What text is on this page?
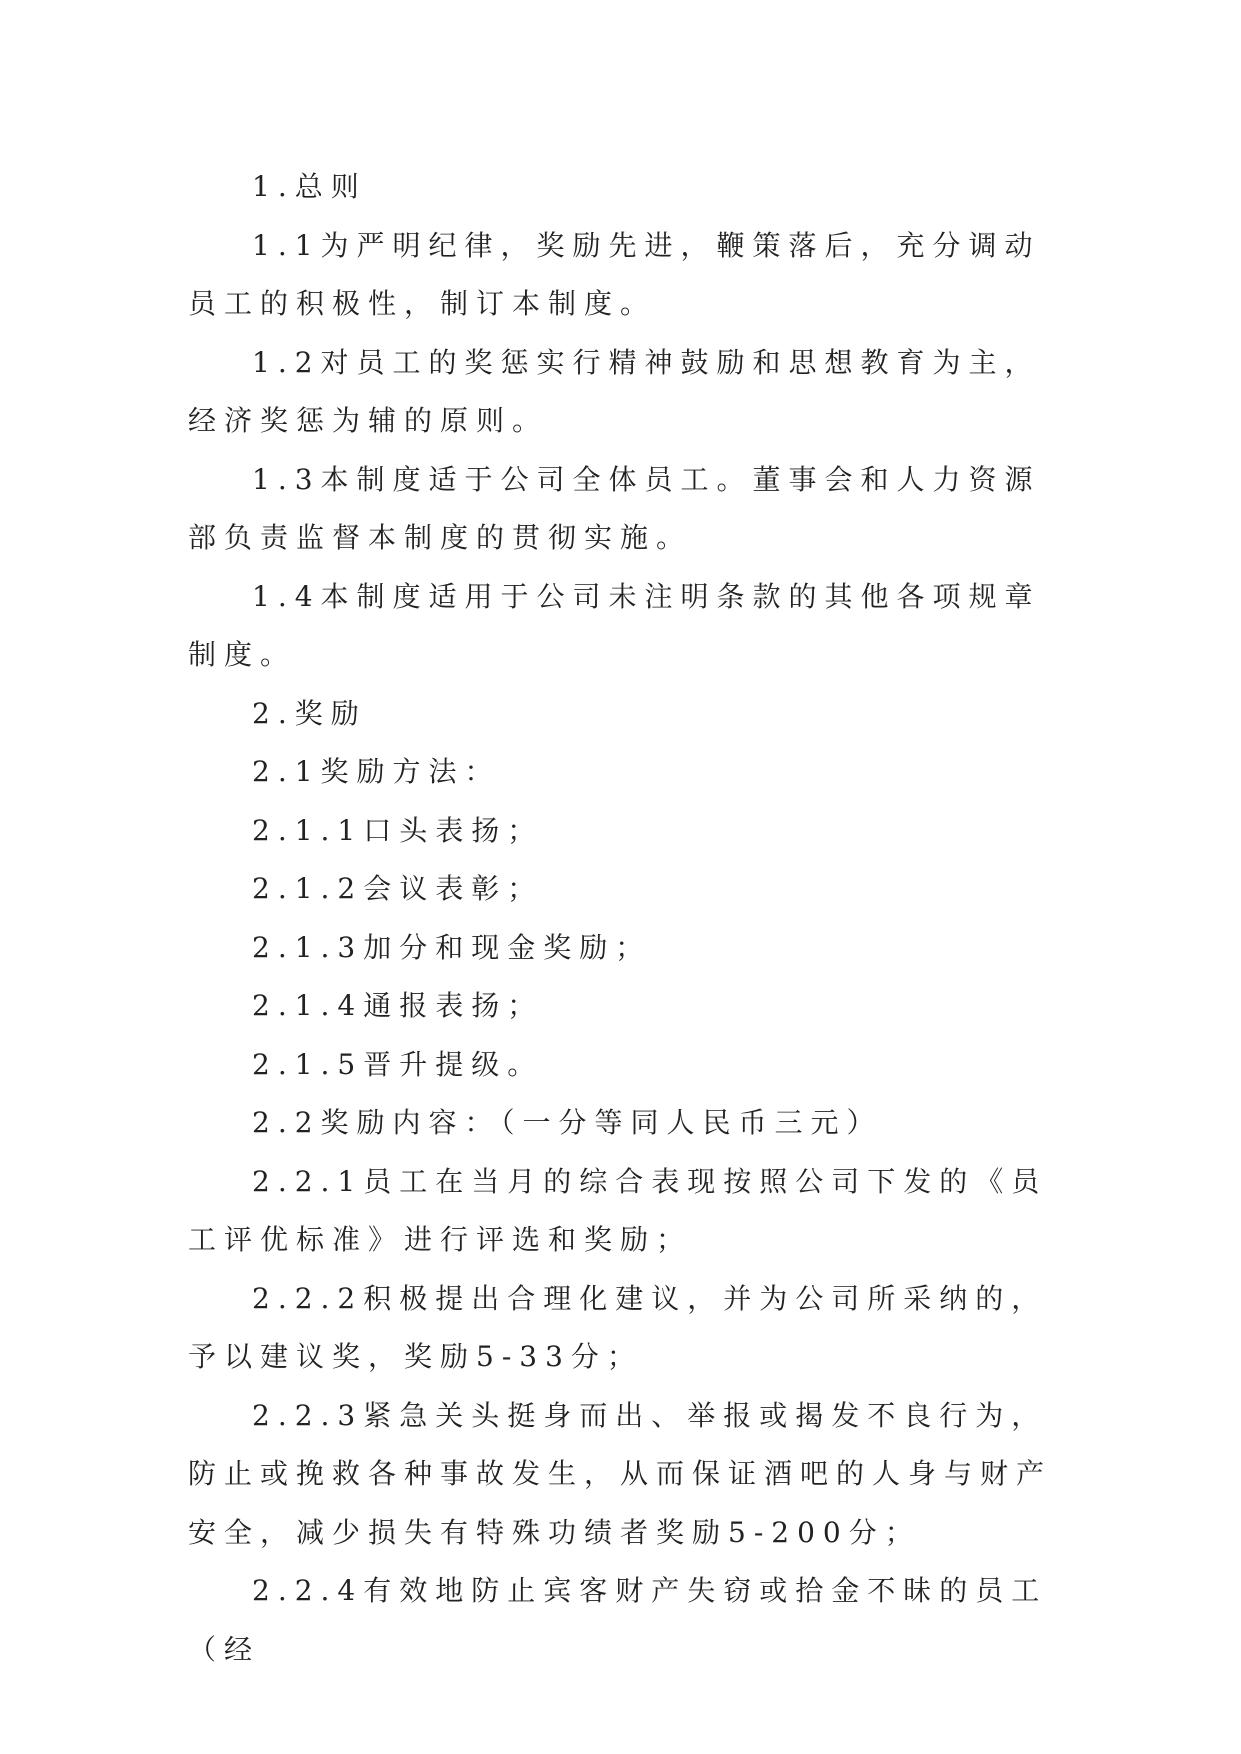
1.总则

1.1为严明纪律，奖励先进，鞭策落后，充分调动员工的积极性，制订本制度。

1.2对员工的奖惩实行精神鼓励和思想教育为主，经济奖惩为辅的原则。

1.3本制度适于公司全体员工。董事会和人力资源部负责监督本制度的贯彻实施。

1.4本制度适用于公司未注明条款的其他各项规章制度。

2.奖励

2.1奖励方法：

2.1.1口头表扬；

2.1.2会议表彰；

2.1.3加分和现金奖励；

2.1.4通报表扬；

2.1.5晋升提级。

2.2奖励内容：（一分等同人民币三元）

2.2.1员工在当月的综合表现按照公司下发的《员工评优标准》进行评选和奖励；

2.2.2积极提出合理化建议，并为公司所采纳的，予以建议奖，奖励5-33分；

2.2.3紧急关头挺身而出、举报或揭发不良行为，防止或挽救各种事故发生，从而保证酒吧的人身与财产安全，减少损失有特殊功绩者奖励5-200分；

2.2.4有效地防止宾客财产失窃或拾金不昧的员工（经
